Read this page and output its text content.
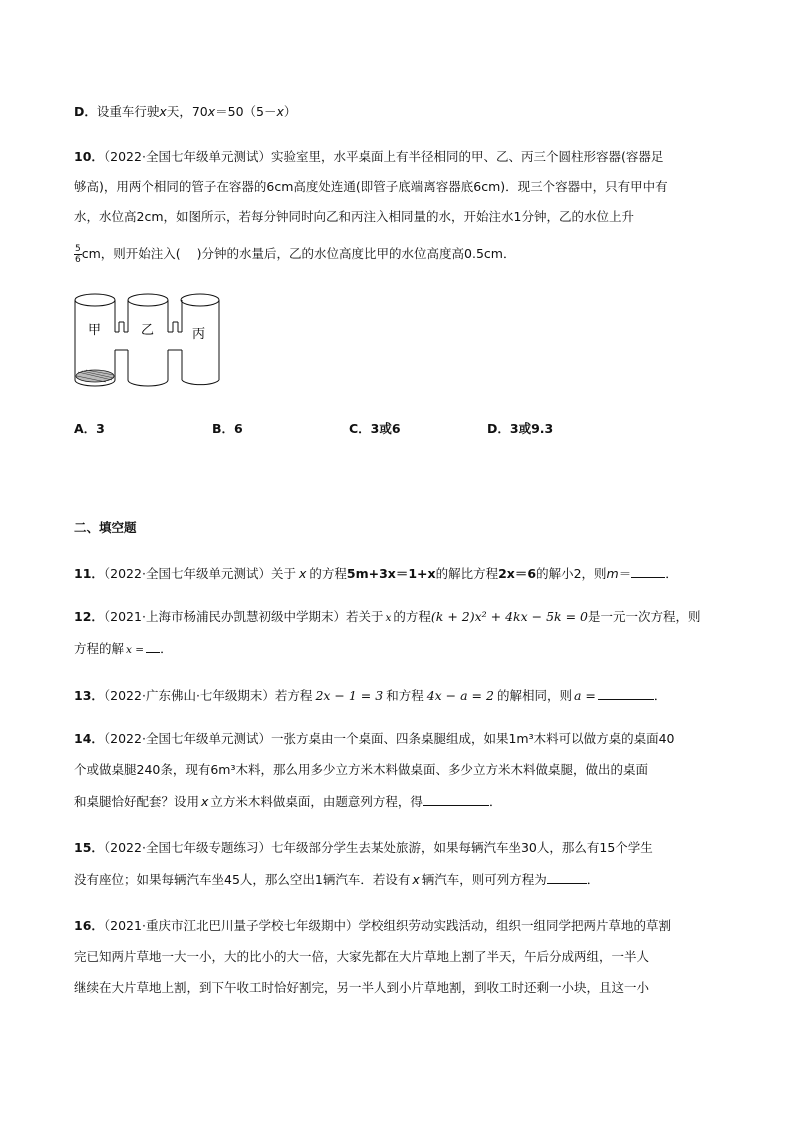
D．设重车行驶x天，70x＝50（5－x）
10．（2022·全国七年级单元测试）实验室里，水平桌面上有半径相同的甲、乙、丙三个圆柱形容器(容器足
够高)，用两个相同的管子在容器的6cm高度处连通(即管子底端离容器底6cm)．现三个容器中，只有甲中有
水，水位高2cm，如图所示，若每分钟同时向乙和丙注入相同量的水，开始注水1分钟，乙的水位上升
$\frac{5}{6}$ cm，则开始注入( )分钟的水量后，乙的水位高度比甲的水位高度高0.5cm．
甲	乙	丙
A．3	B．6	C．3或6	D．3或9.3
二、填空题
11．（2022·全国七年级单元测试）关于 x 的方程5m+3x＝1+x的解比方程2x＝6的解小2，则m＝	．
12．（2021·上海市杨浦民办凯慧初级中学期末）若关于 x 的方程(k + 2)x² + 4kx − 5k = 0是一元一次方程，则
方程的解 x = ．
13．（2022·广东佛山·七年级期末）若方程 2x − 1 = 3 和方程 4x − a = 2 的解相同，则 a =	．
14．（2022·全国七年级单元测试）一张方桌由一个桌面、四条桌腿组成，如果1m³木料可以做方桌的桌面40
个或做桌腿240条，现有6m³木料，那么用多少立方米木料做桌面、多少立方米木料做桌腿，做出的桌面
和桌腿恰好配套？设用 x 立方米木料做桌面，由题意列方程，得	．
15．（2022·全国七年级专题练习）七年级部分学生去某处旅游，如果每辆汽车坐30人，那么有15个学生
没有座位；如果每辆汽车坐45人，那么空出1辆汽车．若设有 x 辆汽车，则可列方程为	．
16．（2021·重庆市江北巴川量子学校七年级期中）学校组织劳动实践活动，组织一组同学把两片草地的草割
完已知两片草地一大一小，大的比小的大一倍，大家先都在大片草地上割了半天，午后分成两组，一半人
继续在大片草地上割，到下午收工时恰好割完，另一半人到小片草地割，到收工时还剩一小块，且这一小
